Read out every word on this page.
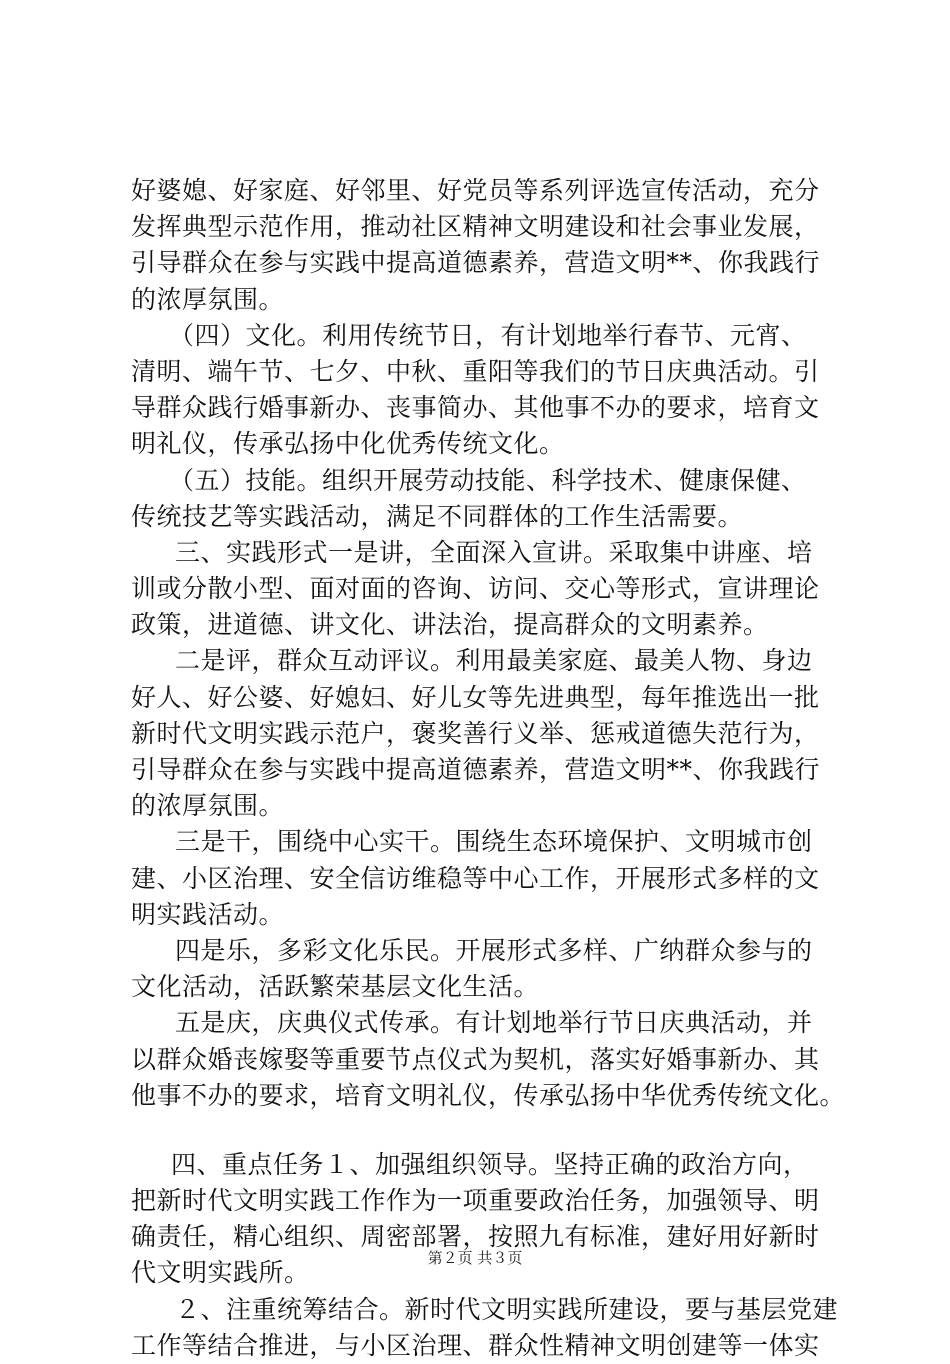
好婆媳、好家庭、好邻里、好党员等系列评选宣传活动，充分
发挥典型示范作用，推动社区精神文明建设和社会事业发展，
引导群众在参与实践中提高道德素养，营造文明**、你我践行
的浓厚氛围。
（四）文化。利用传统节日，有计划地举行春节、元宵、
清明、端午节、七夕、中秋、重阳等我们的节日庆典活动。引
导群众践行婚事新办、丧事简办、其他事不办的要求，培育文
明礼仪，传承弘扬中化优秀传统文化。
（五）技能。组织开展劳动技能、科学技术、健康保健、
传统技艺等实践活动，满足不同群体的工作生活需要。
三、实践形式一是讲，全面深入宣讲。采取集中讲座、培
训或分散小型、面对面的咨询、访问、交心等形式，宣讲理论
政策，进道德、讲文化、讲法治，提高群众的文明素养。
二是评，群众互动评议。利用最美家庭、最美人物、身边
好人、好公婆、好媳妇、好儿女等先进典型，每年推选出一批
新时代文明实践示范户，褒奖善行义举、惩戒道德失范行为，
引导群众在参与实践中提高道德素养，营造文明**、你我践行
的浓厚氛围。
三是干，围绕中心实干。围绕生态环境保护、文明城市创
建、小区治理、安全信访维稳等中心工作，开展形式多样的文
明实践活动。
四是乐，多彩文化乐民。开展形式多样、广纳群众参与的
文化活动，活跃繁荣基层文化生活。
五是庆，庆典仪式传承。有计划地举行节日庆典活动，并
以群众婚丧嫁娶等重要节点仪式为契机，落实好婚事新办、其
他事不办的要求，培育文明礼仪，传承弘扬中华优秀传统文化。
四、重点任务１、加强组织领导。坚持正确的政治方向，
把新时代文明实践工作作为一项重要政治任务，加强领导、明
确责任，精心组织、周密部署，按照九有标准，建好用好新时
代文明实践所。
２、注重统筹结合。新时代文明实践所建设，要与基层党建
工作等结合推进，与小区治理、群众性精神文明创建等一体实
第２页 共３页
